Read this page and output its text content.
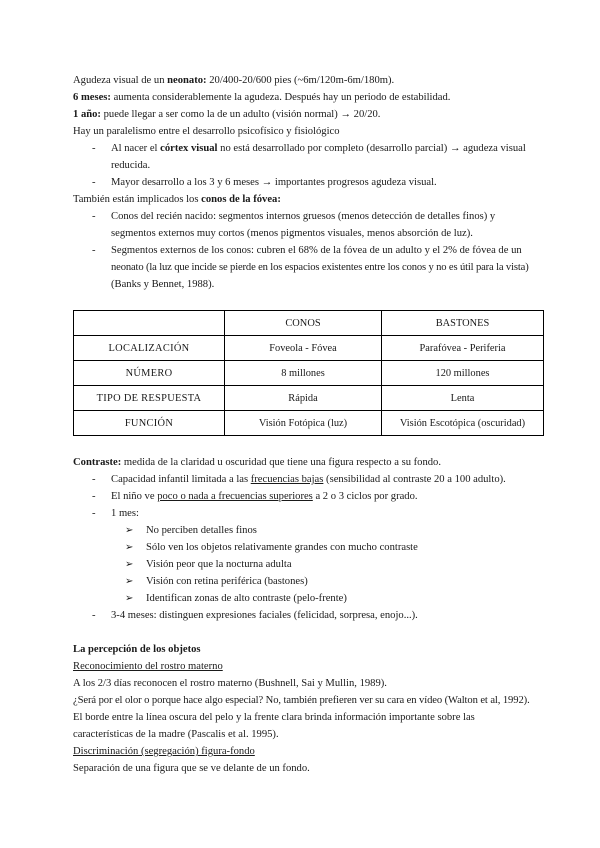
Agudeza visual de un neonato: 20/400-20/600 pies (~6m/120m-6m/180m).

6 meses: aumenta considerablemente la agudeza. Después hay un periodo de estabilidad.

1 año: puede llegar a ser como la de un adulto (visión normal) → 20/20.

Hay un paralelismo entre el desarrollo psicofísico y fisiológico

- Al nacer el córtex visual no está desarrollado por completo (desarrollo parcial) → agudeza visual

reducida.

- Mayor desarrollo a los 3 y 6 meses → importantes progresos agudeza visual.

También están implicados los conos de la fóvea:

- Conos del recién nacido: segmentos internos gruesos (menos detección de detalles finos) y

segmentos externos muy cortos (menos pigmentos visuales, menos absorción de luz).

- Segmentos externos de los conos: cubren el 68% de la fóvea de un adulto y el 2% de fóvea de un

neonato (la luz que incide se pierde en los espacios existentes entre los conos y no es útil para la vista)

(Banks y Bennet, 1988).

	CONOS	BASTONES
LOCALIZACIÓN	Foveola - Fóvea	Parafóvea - Periferia
NÚMERO	8 millones	120 millones
TIPO DE RESPUESTA	Rápida	Lenta
FUNCIÓN	Visión Fotópica (luz)	Visión Escotópica (oscuridad)

Contraste: medida de la claridad u oscuridad que tiene una figura respecto a su fondo.

- Capacidad infantil limitada a las frecuencias bajas (sensibilidad al contraste 20 a 100 adulto).

- El niño ve poco o nada a frecuencias superiores a 2 o 3 ciclos por grado.

- 1 mes:

➢ No perciben detalles finos
➢ Sólo ven los objetos relativamente grandes con mucho contraste
➢ Visión peor que la nocturna adulta
➢ Visión con retina periférica (bastones)
➢ Identifican zonas de alto contraste (pelo-frente)
- 3-4 meses: distinguen expresiones faciales (felicidad, sorpresa, enojo...).

La percepción de los objetos

Reconocimiento del rostro materno

A los 2/3 días reconocen el rostro materno (Bushnell, Sai y Mullin, 1989).

¿Será por el olor o porque hace algo especial? No, también prefieren ver su cara en vídeo (Walton et al, 1992).

El borde entre la línea oscura del pelo y la frente clara brinda información importante sobre las

características de la madre (Pascalis et al. 1995).

Discriminación (segregación) figura-fondo

Separación de una figura que se ve delante de un fondo.
